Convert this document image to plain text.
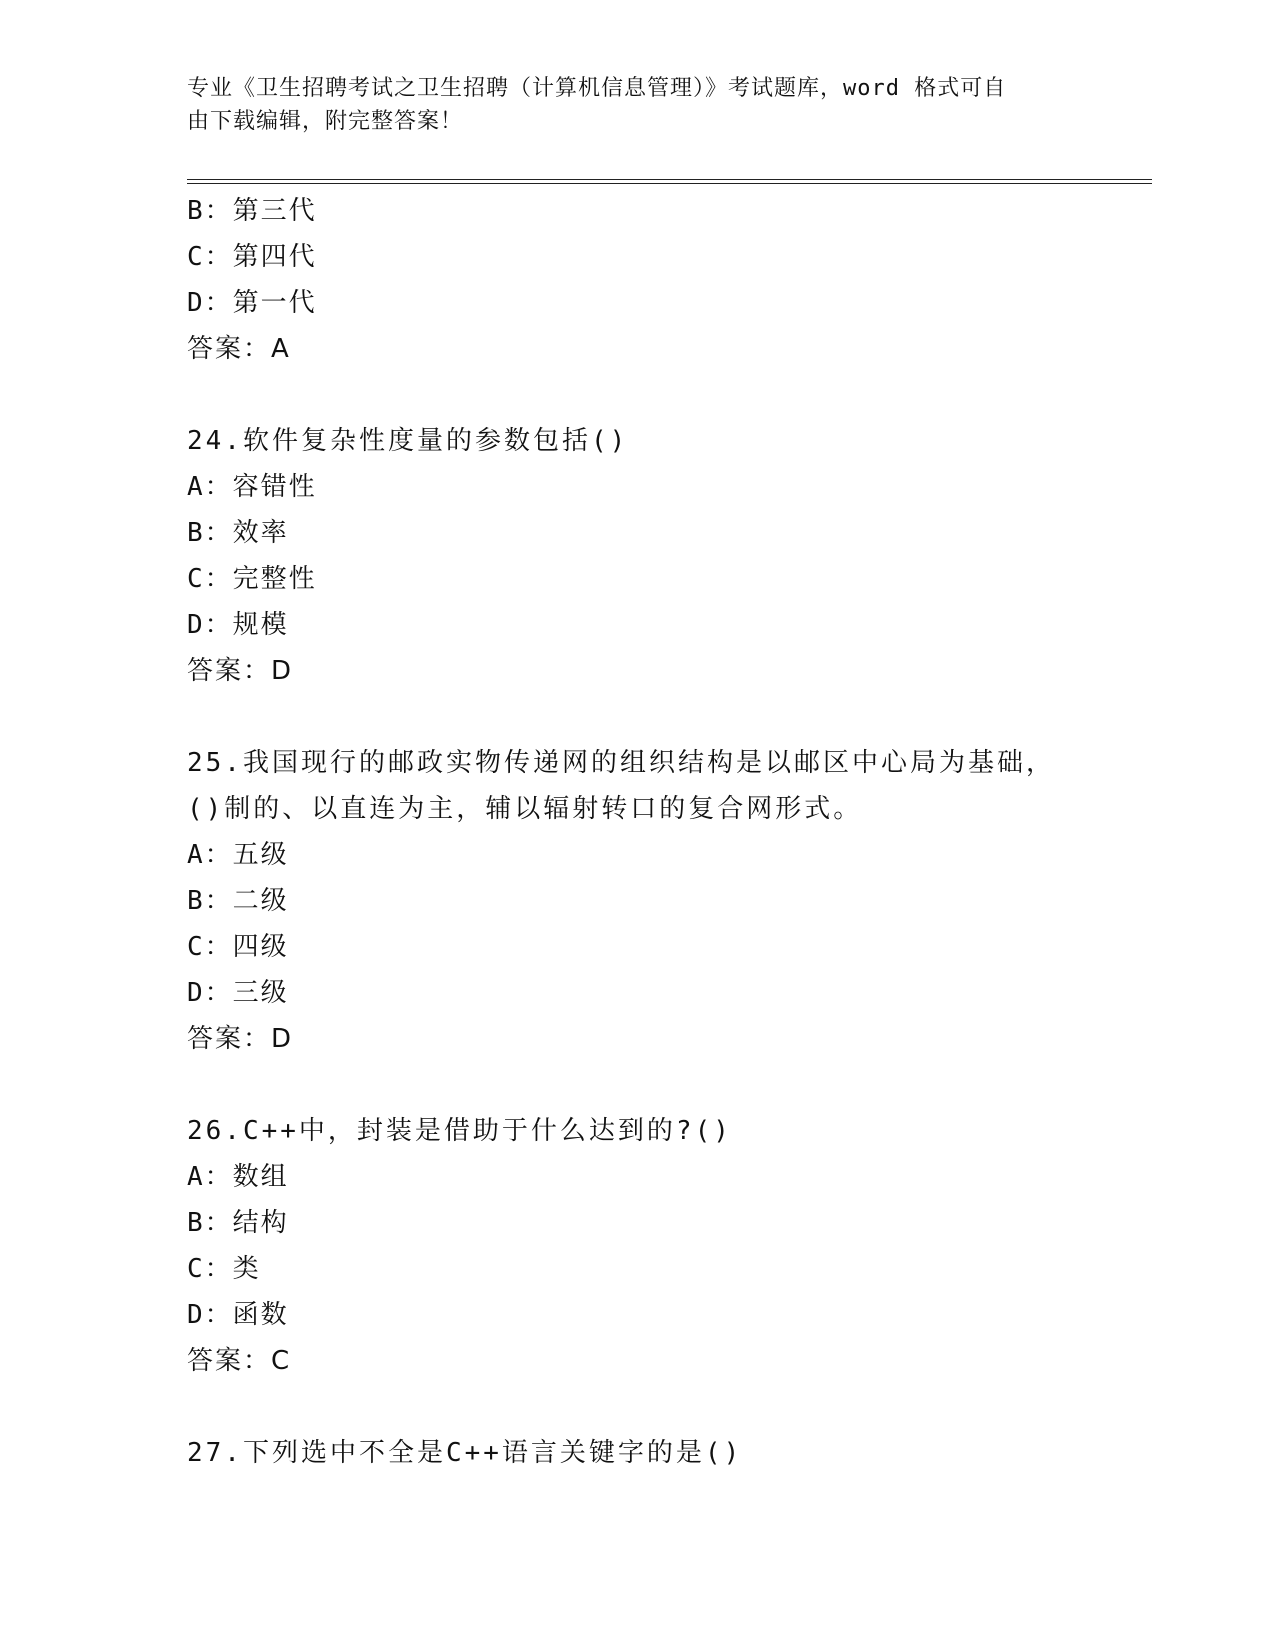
专业《卫生招聘考试之卫生招聘（计算机信息管理）》考试题库，word 格式可自
由下载编辑，附完整答案！
B：第三代
C：第四代
D：第一代
答案：A
24.软件复杂性度量的参数包括()
A：容错性
B：效率
C：完整性
D：规模
答案：D
25.我国现行的邮政实物传递网的组织结构是以邮区中心局为基础，()制的、以直连为主，辅以辐射转口的复合网形式。
A：五级
B：二级
C：四级
D：三级
答案：D
26.C++中，封装是借助于什么达到的?()
A：数组
B：结构
C：类
D：函数
答案：C
27.下列选中不全是C++语言关键字的是()
